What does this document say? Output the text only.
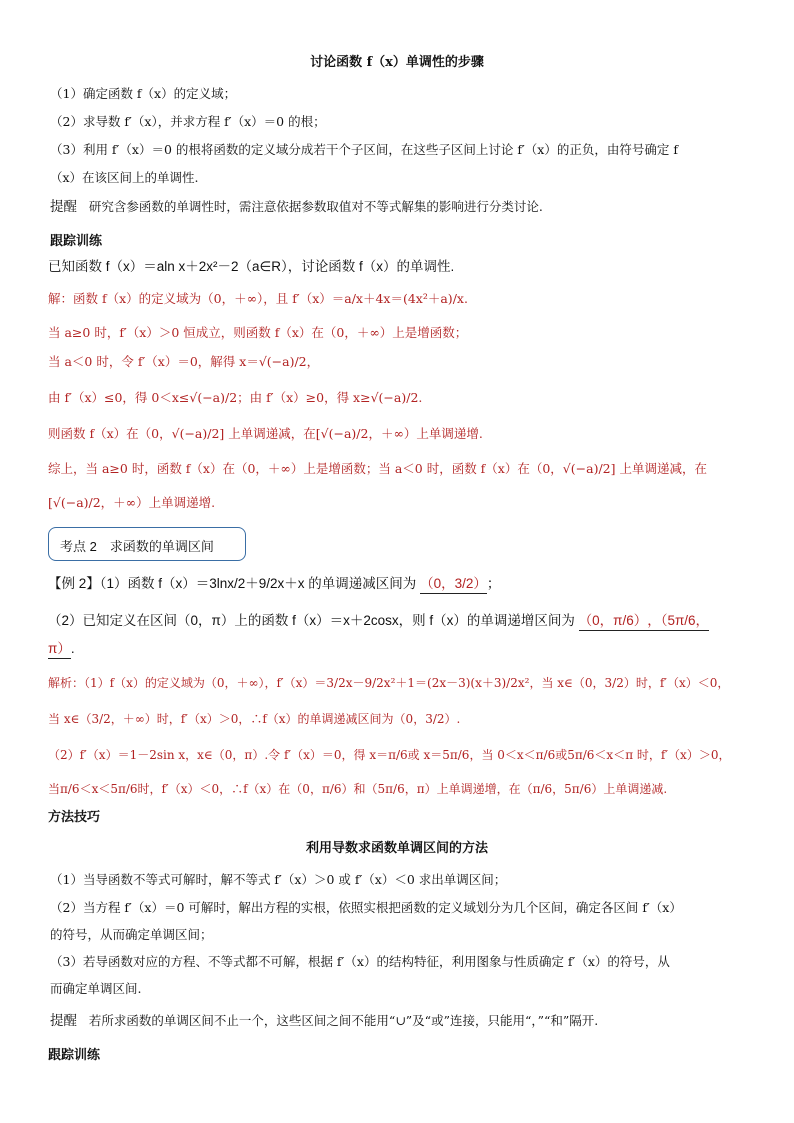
讨论函数 f（x）单调性的步骤
（1）确定函数 f（x）的定义域；
（2）求导数 f′（x），并求方程 f′（x）＝0 的根；
（3）利用 f′（x）＝0 的根将函数的定义域分成若干个子区间，在这些子区间上讨论 f′（x）的正负，由符号确定 f
（x）在该区间上的单调性.
提醒 研究含参函数的单调性时，需注意依据参数取值对不等式解集的影响进行分类讨论.
跟踪训练
已知函数 f（x）＝aln x＋2x²－2（a∈R），讨论函数 f（x）的单调性.
解：函数 f（x）的定义域为（0，＋∞），且 f′（x）＝a/x＋4x＝(4x²＋a)/x.
当 a≥0 时，f′（x）＞0 恒成立，则函数 f（x）在（0，＋∞）上是增函数；
当 a＜0 时，令 f′（x）＝0，解得 x＝√(−a)/2，
由 f′（x）≤0，得 0＜x≤√(−a)/2；由 f′（x）≥0，得 x≥√(−a)/2.
则函数 f（x）在（0，√(−a)/2] 上单调递减，在[√(−a)/2，＋∞）上单调递增.
综上，当 a≥0 时，函数 f（x）在（0，＋∞）上是增函数；当 a＜0 时，函数 f（x）在（0，√(−a)/2] 上单调递减，在
[√(−a)/2，＋∞）上单调递增.
考点 2　求函数的单调区间
【例 2】（1）函数 f（x）＝3lnx/2＋9/2x＋x 的单调递减区间为 （0，3/2）；
（2）已知定义在区间（0，π）上的函数 f（x）＝x＋2cosx，则 f（x）的单调递增区间为 （0，π/6），（5π/6，
π）.
解析：（1）f（x）的定义域为（0，＋∞），f′（x）＝3/2x－9/2x²＋1＝(2x－3)(x＋3)/2x²，当 x∈（0，3/2）时，f′（x）＜0，
当 x∈（3/2，＋∞）时，f′（x）＞0，∴f（x）的单调递减区间为（0，3/2）.
（2）f′（x）＝1－2sin x，x∈（0，π）.令 f′（x）＝0，得 x＝π/6或 x＝5π/6，当 0＜x＜π/6或5π/6＜x＜π 时，f′（x）＞0，
当π/6＜x＜5π/6时，f′（x）＜0，∴f（x）在（0，π/6）和（5π/6，π）上单调递增，在（π/6，5π/6）上单调递减.
方法技巧
利用导数求函数单调区间的方法
（1）当导函数不等式可解时，解不等式 f′（x）＞0 或 f′（x）＜0 求出单调区间；
（2）当方程 f′（x）＝0 可解时，解出方程的实根，依照实根把函数的定义域划分为几个区间，确定各区间 f′（x）
的符号，从而确定单调区间；
（3）若导函数对应的方程、不等式都不可解，根据 f′（x）的结构特征，利用图象与性质确定 f′（x）的符号，从
而确定单调区间.
提醒 若所求函数的单调区间不止一个，这些区间之间不能用“∪”及“或”连接，只能用“，”“和”隔开.
跟踪训练
